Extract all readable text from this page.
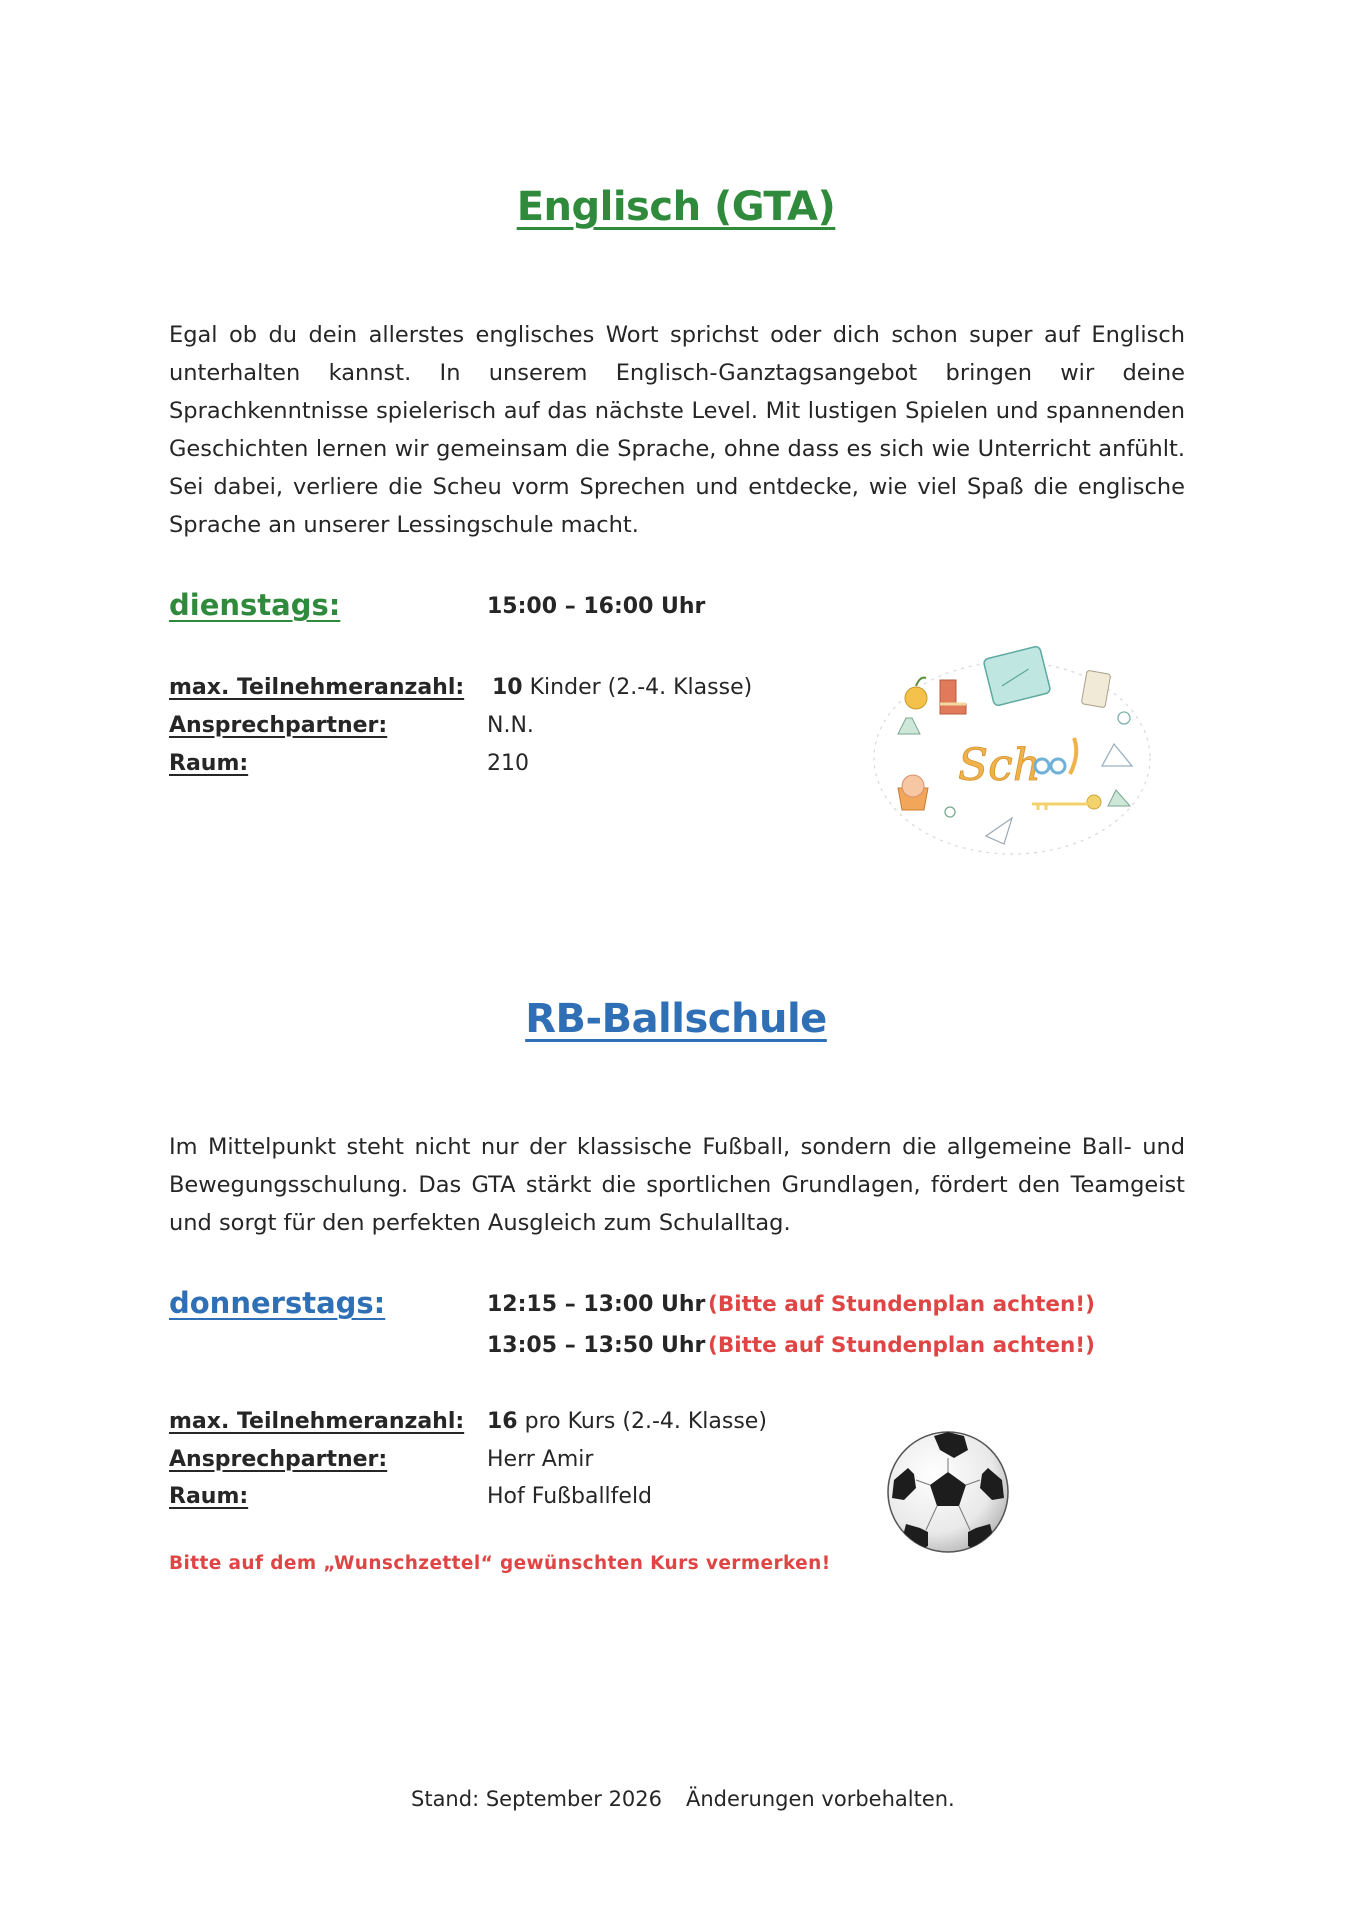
Englisch (GTA)
Egal ob du dein allerstes englisches Wort sprichst oder dich schon super auf Englisch unterhalten kannst. In unserem Englisch-Ganztagsangebot bringen wir deine Sprachkenntnisse spielerisch auf das nächste Level. Mit lustigen Spielen und spannenden Geschichten lernen wir gemeinsam die Sprache, ohne dass es sich wie Unterricht anfühlt. Sei dabei, verliere die Scheu vorm Sprechen und entdecke, wie viel Spaß die englische Sprache an unserer Lessingschule macht.
dienstags:	15:00 – 16:00 Uhr
max. Teilnehmeranzahl: 10 Kinder (2.-4. Klasse)
Ansprechpartner:	N.N.
Raum:	210	Sch
RB-Ballschule
Im Mittelpunkt steht nicht nur der klassische Fußball, sondern die allgemeine Ball- und Bewegungsschulung. Das GTA stärkt die sportlichen Grundlagen, fördert den Teamgeist und sorgt für den perfekten Ausgleich zum Schulalltag.
donnerstags:	12:15 – 13:00 Uhr (Bitte auf Stundenplan achten!)
13:05 – 13:50 Uhr (Bitte auf Stundenplan achten!)
max. Teilnehmeranzahl: 16 pro Kurs (2.-4. Klasse)
Ansprechpartner:	Herr Amir
Raum:	Hof Fußballfeld
Bitte auf dem „Wunschzettel“ gewünschten Kurs vermerken!
Stand: September 2026 Änderungen vorbehalten.
